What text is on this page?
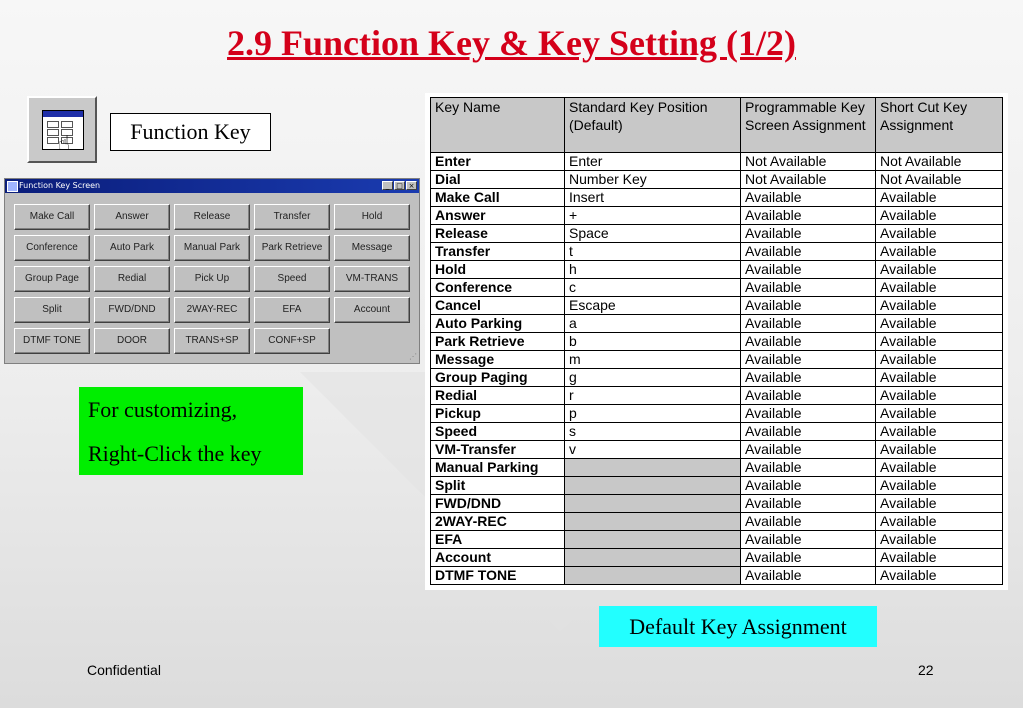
2.9 Function Key & Key Setting (1/2)
☝	Function Key
Function Key Screen	_ □ ×
Make Call	Answer	Release	Transfer	Hold
Conference	Auto Park	Manual Park	Park Retrieve	Message
Group Page	Redial	Pick Up	Speed	VM-TRANS
Split	FWD/DND	2WAY-REC	EFA	Account
DTMF TONE	DOOR	TRANS+SP	CONF+SP
⋰
For customizing,
Right-Click the key
Key Name	Standard Key Position (Default)	Programmable Key Screen Assignment	Short Cut Key Assignment
Enter	Enter	Not Available	Not Available
Dial	Number Key	Not Available	Not Available
Make Call	Insert	Available	Available
Answer	+	Available	Available
Release	Space	Available	Available
Transfer	t	Available	Available
Hold	h	Available	Available
Conference	c	Available	Available
Cancel	Escape	Available	Available
Auto Parking	a	Available	Available
Park Retrieve	b	Available	Available
Message	m	Available	Available
Group Paging	g	Available	Available
Redial	r	Available	Available
Pickup	p	Available	Available
Speed	s	Available	Available
VM-Transfer	v	Available	Available
Manual Parking		Available	Available
Split		Available	Available
FWD/DND		Available	Available
2WAY-REC		Available	Available
EFA		Available	Available
Account		Available	Available
DTMF TONE		Available	Available
Default Key Assignment
Confidential	22
